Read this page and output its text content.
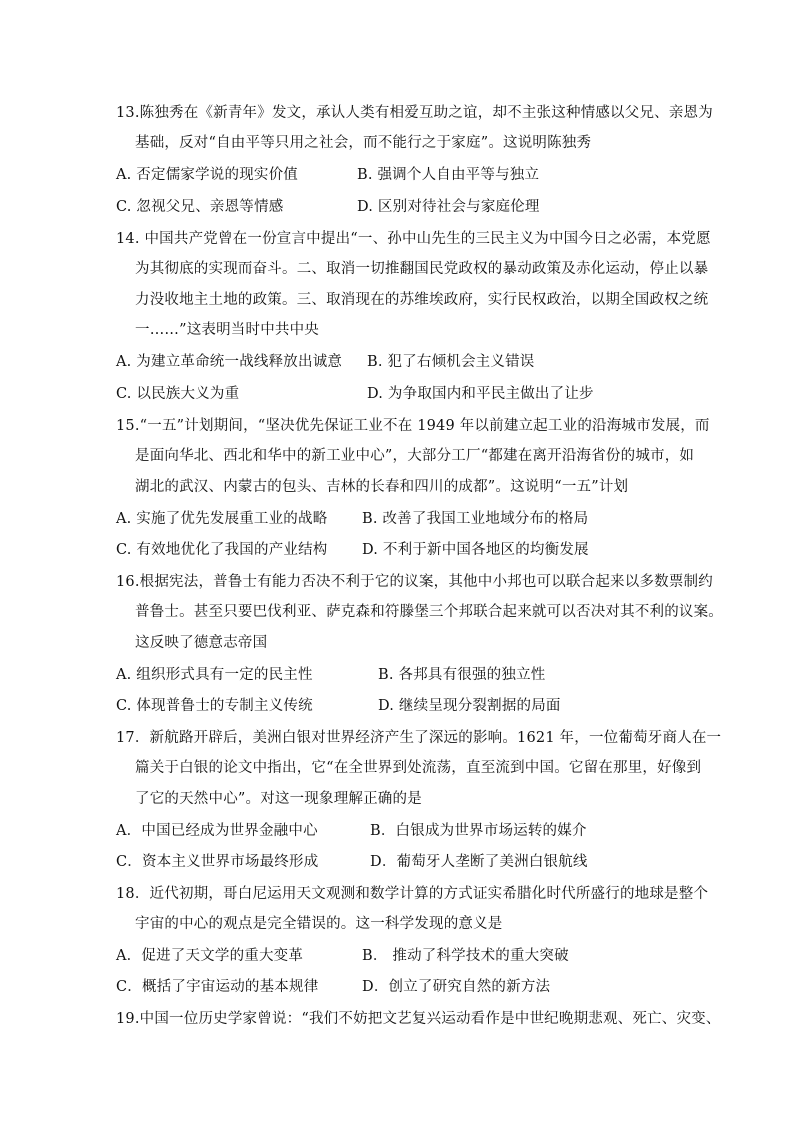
13.陈独秀在《新青年》发文，承认人类有相爱互助之谊，却不主张这种情感以父兄、亲恩为
基础，反对“自由平等只用之社会，而不能行之于家庭”。这说明陈独秀
A. 否定儒家学说的现实价值	B. 强调个人自由平等与独立
C. 忽视父兄、亲恩等情感	D. 区别对待社会与家庭伦理
14. 中国共产党曾在一份宣言中提出“一、孙中山先生的三民主义为中国今日之必需，本党愿
为其彻底的实现而奋斗。二、取消一切推翻国民党政权的暴动政策及赤化运动，停止以暴
力没收地主土地的政策。三、取消现在的苏维埃政府，实行民权政治，以期全国政权之统
一……”这表明当时中共中央
A. 为建立革命统一战线释放出诚意 B. 犯了右倾机会主义错误
C. 以民族大义为重	D. 为争取国内和平民主做出了让步
15.“一五”计划期间，“坚决优先保证工业不在 1949 年以前建立起工业的沿海城市发展，而
是面向华北、西北和华中的新工业中心”，大部分工厂“都建在离开沿海省份的城市，如
湖北的武汉、内蒙古的包头、吉林的长春和四川的成都”。这说明“一五”计划
A. 实施了优先发展重工业的战略 B. 改善了我国工业地域分布的格局
C. 有效地优化了我国的产业结构 D. 不利于新中国各地区的均衡发展
16.根据宪法，普鲁士有能力否决不利于它的议案，其他中小邦也可以联合起来以多数票制约
普鲁士。甚至只要巴伐利亚、萨克森和符滕堡三个邦联合起来就可以否决对其不利的议案。
这反映了德意志帝国
A. 组织形式具有一定的民主性	B. 各邦具有很强的独立性
C. 体现普鲁士的专制主义传统	D. 继续呈现分裂割据的局面
17．新航路开辟后，美洲白银对世界经济产生了深远的影响。1621 年，一位葡萄牙商人在一
篇关于白银的论文中指出，它“在全世界到处流荡，直至流到中国。它留在那里，好像到
了它的天然中心”。对这一现象理解正确的是
A．中国已经成为世界金融中心	B．白银成为世界市场运转的媒介
C．资本主义世界市场最终形成	D．葡萄牙人垄断了美洲白银航线
18．近代初期，哥白尼运用天文观测和数学计算的方式证实希腊化时代所盛行的地球是整个
宇宙的中心的观点是完全错误的。这一科学发现的意义是
A．促进了天文学的重大变革	B． 推动了科学技术的重大突破
C．概括了宇宙运动的基本规律	D．创立了研究自然的新方法
19.中国一位历史学家曾说：“我们不妨把文艺复兴运动看作是中世纪晚期悲观、死亡、灾变、
